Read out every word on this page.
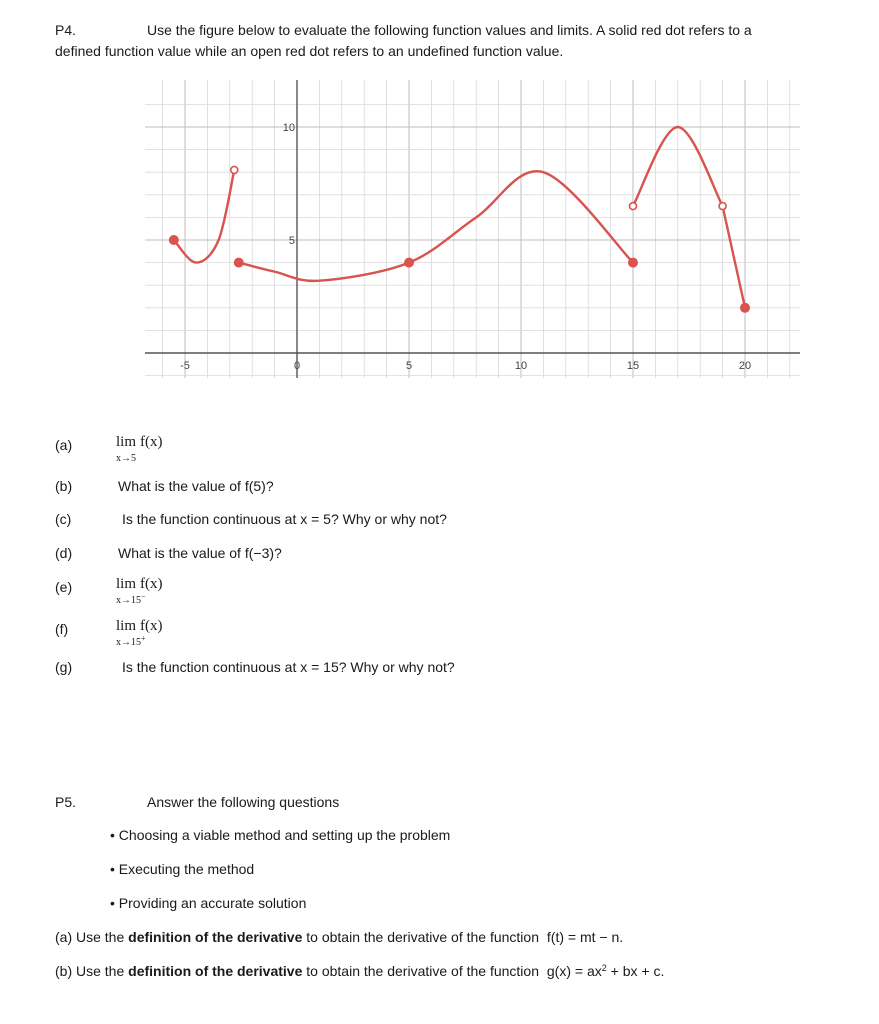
P4.	Use the figure below to evaluate the following function values and limits. A solid red dot refers to a
defined function value while an open red dot refers to an undefined function value.
-5	0	5	10	15	20
5
10
(a)	lim f(x)
x→5
(b)	What is the value of f(5)?
(c)	Is the function continuous at x = 5? Why or why not?
(d)	What is the value of f(−3)?
(e)	lim f(x)
x→15−
(f)	lim f(x)
x→15+
(g)	Is the function continuous at x = 15? Why or why not?
P5.	Answer the following questions
• Choosing a viable method and setting up the problem
• Executing the method
• Providing an accurate solution
(a) Use the definition of the derivative to obtain the derivative of the function f(t) = mt − n.
(b) Use the definition of the derivative to obtain the derivative of the function $g(x) = ax^2$ + bx + c.
